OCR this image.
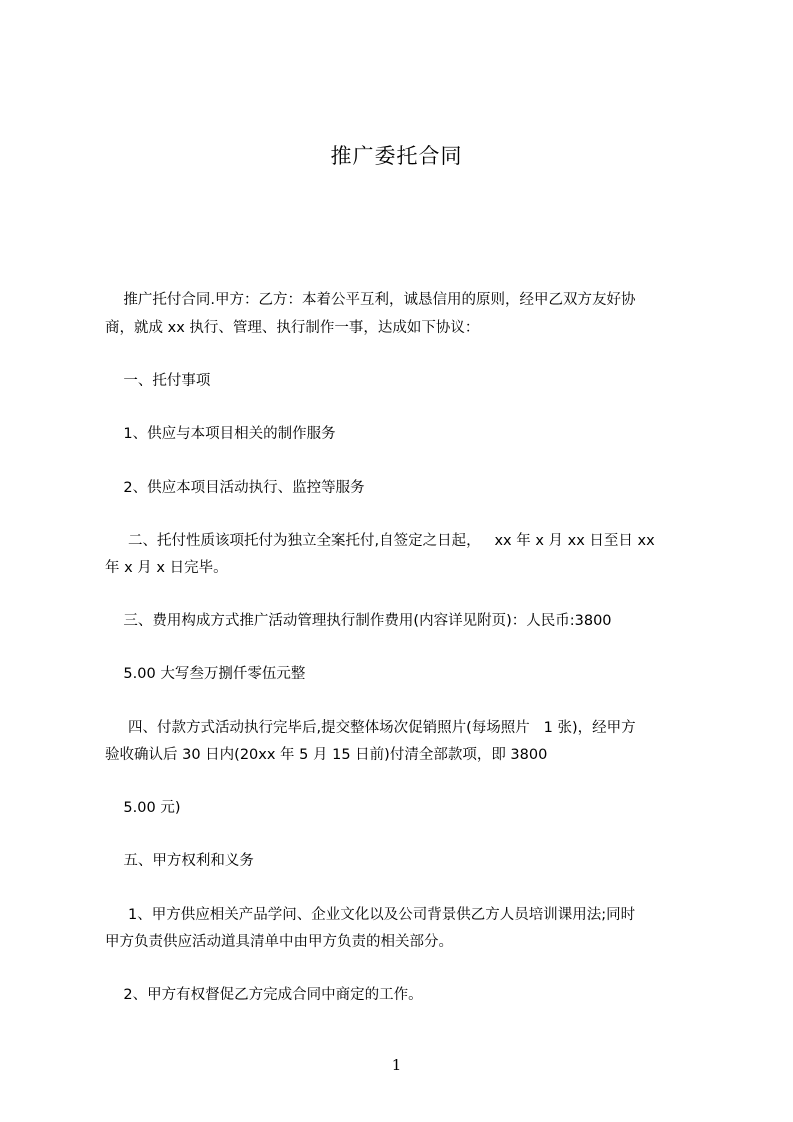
推广委托合同
推广托付合同.甲方：乙方：本着公平互利，诚恳信用的原则，经甲乙双方友好协
商，就成 xx 执行、管理、执行制作一事，达成如下协议：
一、托付事项
1、供应与本项目相关的制作服务
2、供应本项目活动执行、监控等服务
二、托付性质该项托付为独立全案托付,自签定之日起，   xx 年 x 月 xx 日至日 xx
年 x 月 x 日完毕。
三、费用构成方式推广活动管理执行制作费用(内容详见附页)：人民币:3800
5.00 大写叁万捌仟零伍元整
四、付款方式活动执行完毕后,提交整体场次促销照片(每场照片   1 张)，经甲方
验收确认后 30 日内(20xx 年 5 月 15 日前)付清全部款项，即 3800
5.00 元)
五、甲方权利和义务
1、甲方供应相关产品学问、企业文化以及公司背景供乙方人员培训课用法;同时
甲方负责供应活动道具清单中由甲方负责的相关部分。
2、甲方有权督促乙方完成合同中商定的工作。
1
